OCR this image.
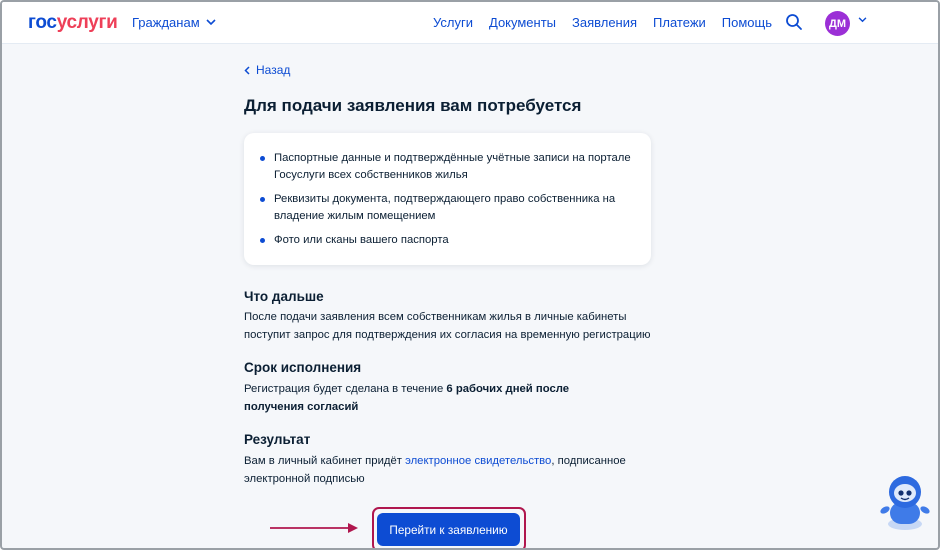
госуслуги Гражданам	Услуги Документы Заявления Платежи Помощь	ДМ
Назад
Для подачи заявления вам потребуется
Паспортные данные и подтверждённые учётные записи на портале Госуслуги всех собственников жилья
Реквизиты документа, подтверждающего право собственника на владение жилым помещением
Фото или сканы вашего паспорта
Что дальше
После подачи заявления всем собственникам жилья в личные кабинеты поступит запрос для подтверждения их согласия на временную регистрацию
Срок исполнения
Регистрация будет сделана в течение 6 рабочих дней после получения согласий
Результат
Вам в личный кабинет придёт электронное свидетельство, подписанное электронной подписью
Перейти к заявлению
